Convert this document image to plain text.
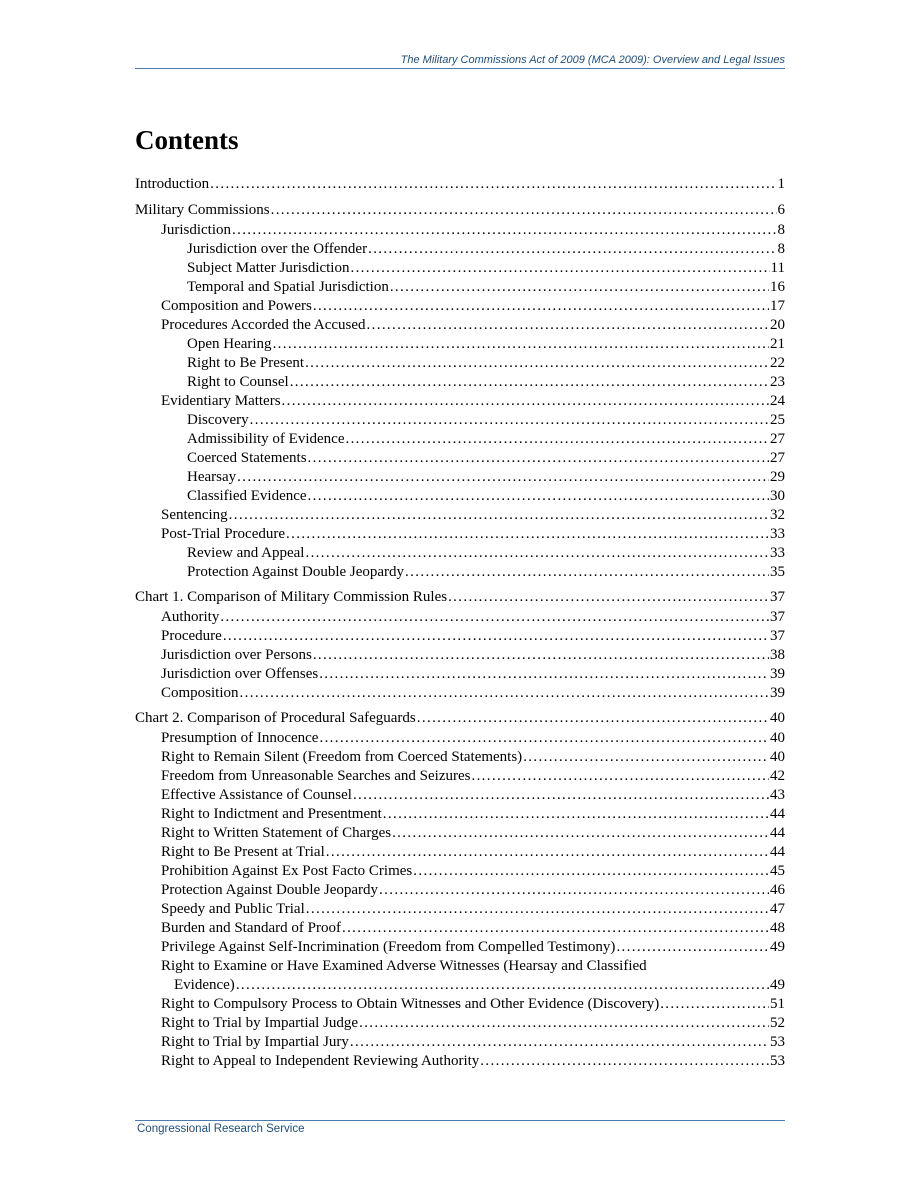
The Military Commissions Act of 2009 (MCA 2009): Overview and Legal Issues
Contents
Introduction . . .	1
Military Commissions . . .	6
Jurisdiction . . .	8
Jurisdiction over the Offender . . .	8
Subject Matter Jurisdiction . . .	11
Temporal and Spatial Jurisdiction . . .	16
Composition and Powers . . .	17
Procedures Accorded the Accused . . .	20
Open Hearing . . .	21
Right to Be Present . . .	22
Right to Counsel . . .	23
Evidentiary Matters . . .	24
Discovery . . .	25
Admissibility of Evidence . . .	27
Coerced Statements . . .	27
Hearsay . . .	29
Classified Evidence . . .	30
Sentencing . . .	32
Post-Trial Procedure . . .	33
Review and Appeal . . .	33
Protection Against Double Jeopardy . . .	35
Chart 1. Comparison of Military Commission Rules . . .	37
Authority . . .	37
Procedure . . .	37
Jurisdiction over Persons . . .	38
Jurisdiction over Offenses . . .	39
Composition . . .	39
Chart 2. Comparison of Procedural Safeguards . . .	40
Presumption of Innocence . . .	40
Right to Remain Silent (Freedom from Coerced Statements) . . .	40
Freedom from Unreasonable Searches and Seizures . . .	42
Effective Assistance of Counsel . . .	43
Right to Indictment and Presentment . . .	44
Right to Written Statement of Charges . . .	44
Right to Be Present at Trial . . .	44
Prohibition Against Ex Post Facto Crimes . . .	45
Protection Against Double Jeopardy . . .	46
Speedy and Public Trial . . .	47
Burden and Standard of Proof . . .	48
Privilege Against Self-Incrimination (Freedom from Compelled Testimony) . . .	49
Right to Examine or Have Examined Adverse Witnesses (Hearsay and Classified
Evidence) . . .	49
Right to Compulsory Process to Obtain Witnesses and Other Evidence (Discovery) . . .	51
Right to Trial by Impartial Judge . . .	52
Right to Trial by Impartial Jury . . .	53
Right to Appeal to Independent Reviewing Authority . . .	53
Congressional Research Service
